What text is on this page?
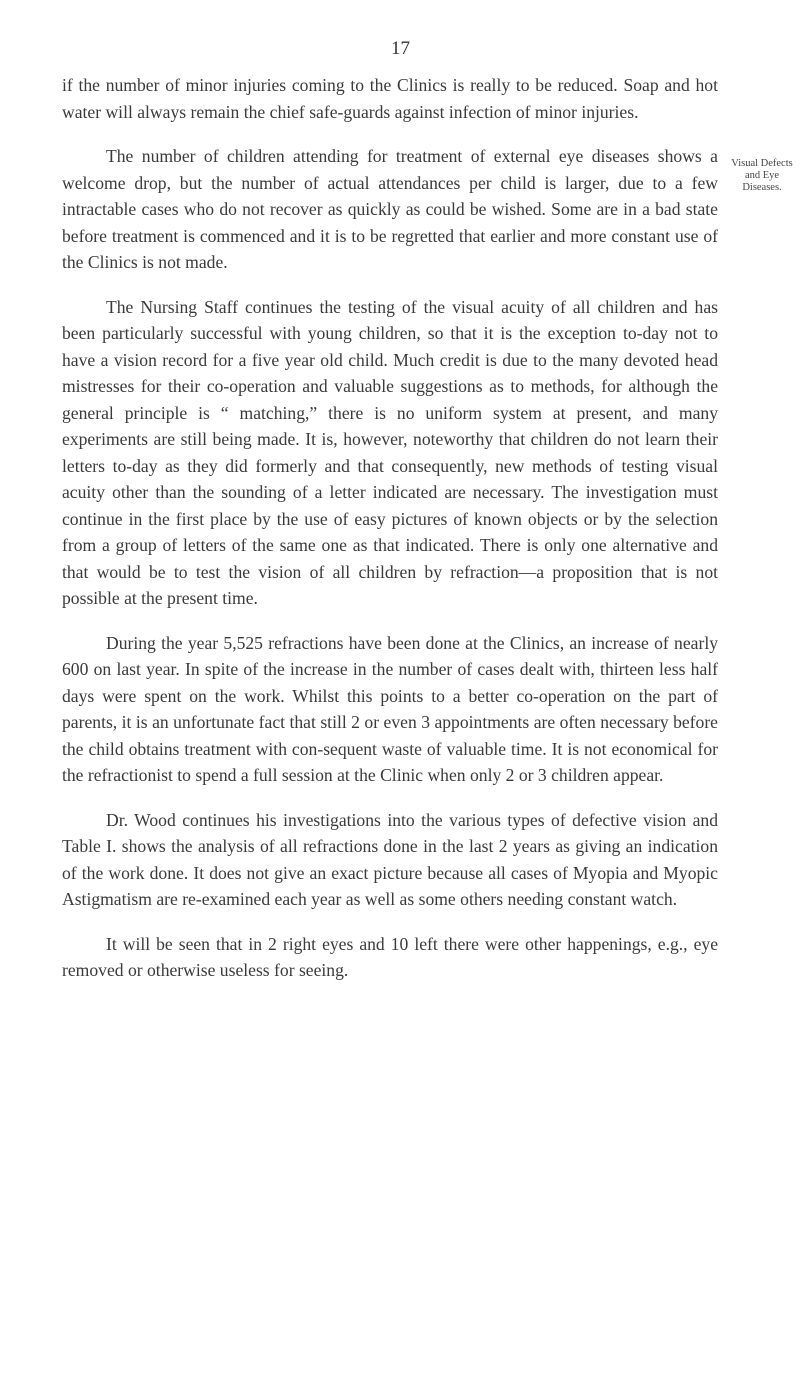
17
Visual Defects
and Eye
Diseases.

if the number of minor injuries coming to the Clinics is really to be reduced. Soap and hot water will always remain the chief safe-guards against infection of minor injuries.

The number of children attending for treatment of external eye diseases shows a welcome drop, but the number of actual attendances per child is larger, due to a few intractable cases who do not recover as quickly as could be wished. Some are in a bad state before treatment is commenced and it is to be regretted that earlier and more constant use of the Clinics is not made.

The Nursing Staff continues the testing of the visual acuity of all children and has been particularly successful with young children, so that it is the exception to-day not to have a vision record for a five year old child. Much credit is due to the many devoted head mistresses for their co-operation and valuable suggestions as to methods, for although the general principle is “ matching,” there is no uniform system at present, and many experiments are still being made. It is, however, noteworthy that children do not learn their letters to-day as they did formerly and that consequently, new methods of testing visual acuity other than the sounding of a letter indicated are necessary. The investigation must continue in the first place by the use of easy pictures of known objects or by the selection from a group of letters of the same one as that indicated. There is only one alternative and that would be to test the vision of all children by refraction—a proposition that is not possible at the present time.

During the year 5,525 refractions have been done at the Clinics, an increase of nearly 600 on last year. In spite of the increase in the number of cases dealt with, thirteen less half days were spent on the work. Whilst this points to a better co-operation on the part of parents, it is an unfortunate fact that still 2 or even 3 appointments are often necessary before the child obtains treatment with con-sequent waste of valuable time. It is not economical for the refractionist to spend a full session at the Clinic when only 2 or 3 children appear.

Dr. Wood continues his investigations into the various types of defective vision and Table I. shows the analysis of all refractions done in the last 2 years as giving an indication of the work done. It does not give an exact picture because all cases of Myopia and Myopic Astigmatism are re-examined each year as well as some others needing constant watch.

It will be seen that in 2 right eyes and 10 left there were other happenings, e.g., eye removed or otherwise useless for seeing.
